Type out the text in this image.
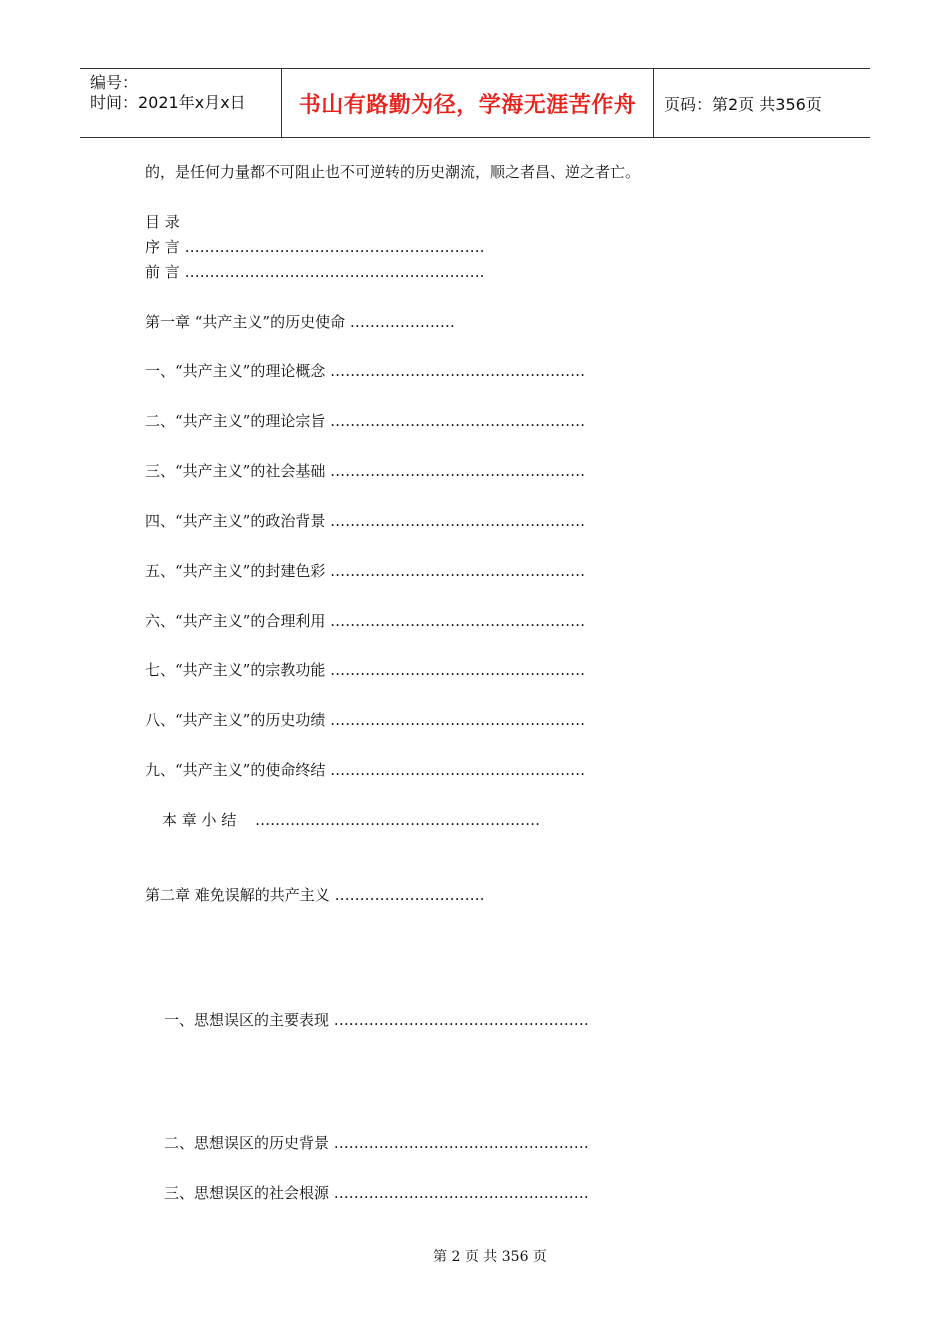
编号：
时间：2021年x月x日	书山有路勤为径，学海无涯苦作舟	页码：第2页 共356页
的，是任何力量都不可阻止也不可逆转的历史潮流，顺之者昌、逆之者亡。
目 录
序 言 ……………………………………………………
前 言 ……………………………………………………
第一章 “共产主义”的历史使命 …………………
一、“共产主义”的理论概念 ……………………………………………
二、“共产主义”的理论宗旨 ……………………………………………
三、“共产主义”的社会基础 ……………………………………………
四、“共产主义”的政治背景 ……………………………………………
五、“共产主义”的封建色彩 ……………………………………………
六、“共产主义”的合理利用 ……………………………………………
七、“共产主义”的宗教功能 ……………………………………………
八、“共产主义”的历史功绩 ……………………………………………
九、“共产主义”的使命终结 ……………………………………………
本 章 小 结 …………………………………………………
第二章 难免误解的共产主义 …………………………
一、思想误区的主要表现 ……………………………………………
二、思想误区的历史背景 ……………………………………………
三、思想误区的社会根源 ……………………………………………
第 2 页 共 356 页
